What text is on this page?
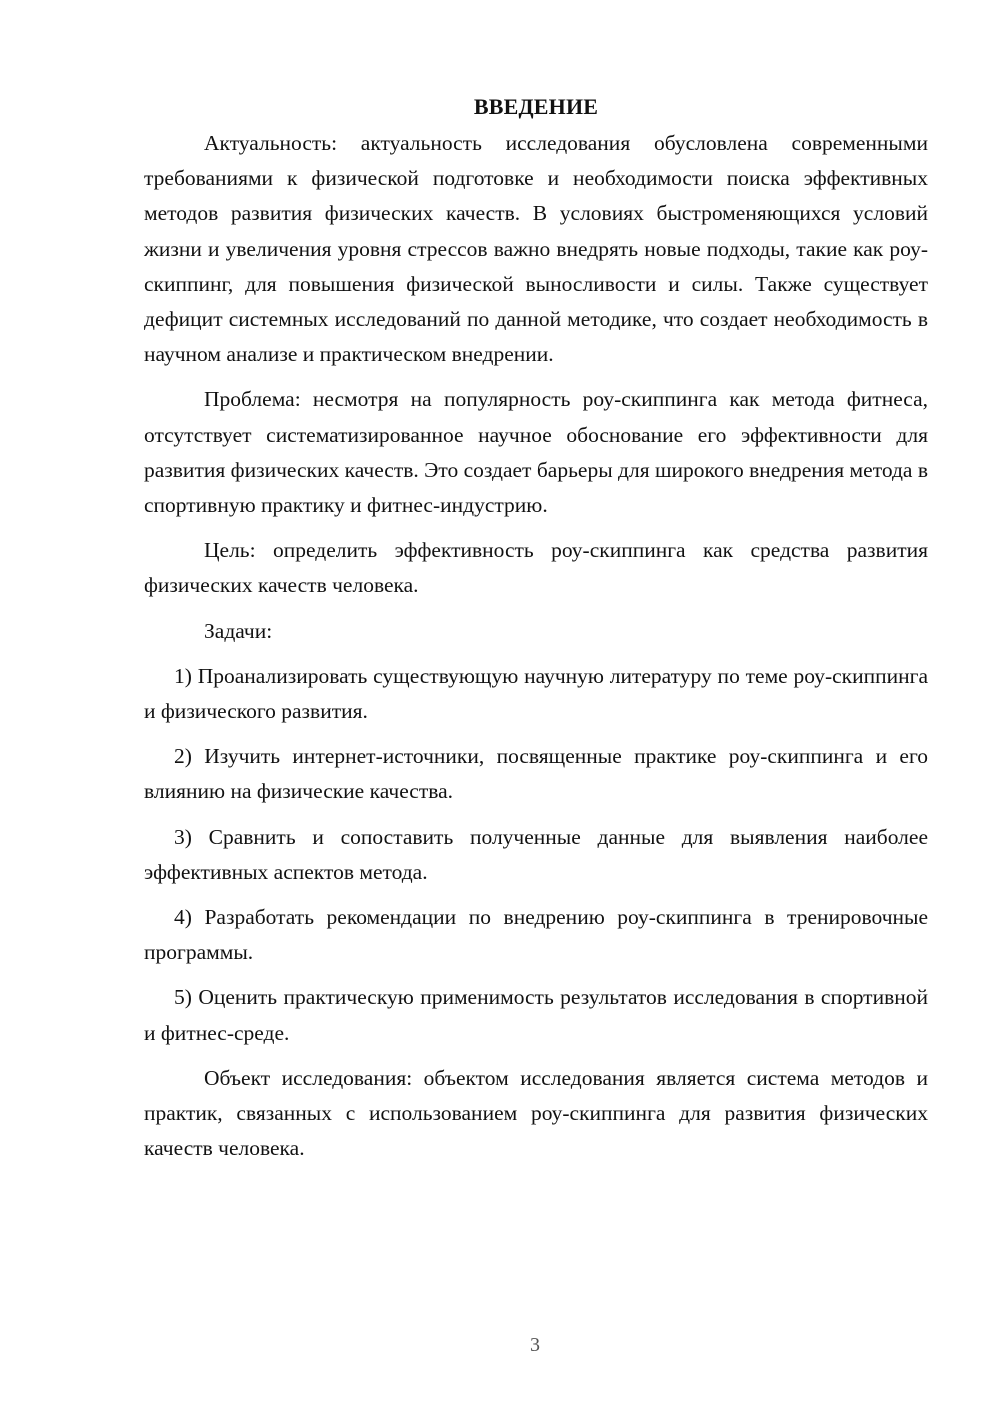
ВВЕДЕНИЕ

Актуальность: актуальность исследования обусловлена современными требованиями к физической подготовке и необходимости поиска эффективных методов развития физических качеств. В условиях быстроменяющихся условий жизни и увеличения уровня стрессов важно внедрять новые подходы, такие как роу-скиппинг, для повышения физической выносливости и силы. Также существует дефицит системных исследований по данной методике, что создает необходимость в научном анализе и практическом внедрении.

Проблема: несмотря на популярность роу-скиппинга как метода фитнеса, отсутствует систематизированное научное обоснование его эффективности для развития физических качеств. Это создает барьеры для широкого внедрения метода в спортивную практику и фитнес-индустрию.

Цель: определить эффективность роу-скиппинга как средства развития физических качеств человека.

Задачи:

1) Проанализировать существующую научную литературу по теме роу-скиппинга и физического развития.

2) Изучить интернет-источники, посвященные практике роу-скиппинга и его влиянию на физические качества.

3) Сравнить и сопоставить полученные данные для выявления наиболее эффективных аспектов метода.

4) Разработать рекомендации по внедрению роу-скиппинга в тренировочные программы.

5) Оценить практическую применимость результатов исследования в спортивной и фитнес-среде.

Объект исследования: объектом исследования является система методов и практик, связанных с использованием роу-скиппинга для развития физических качеств человека.

3
